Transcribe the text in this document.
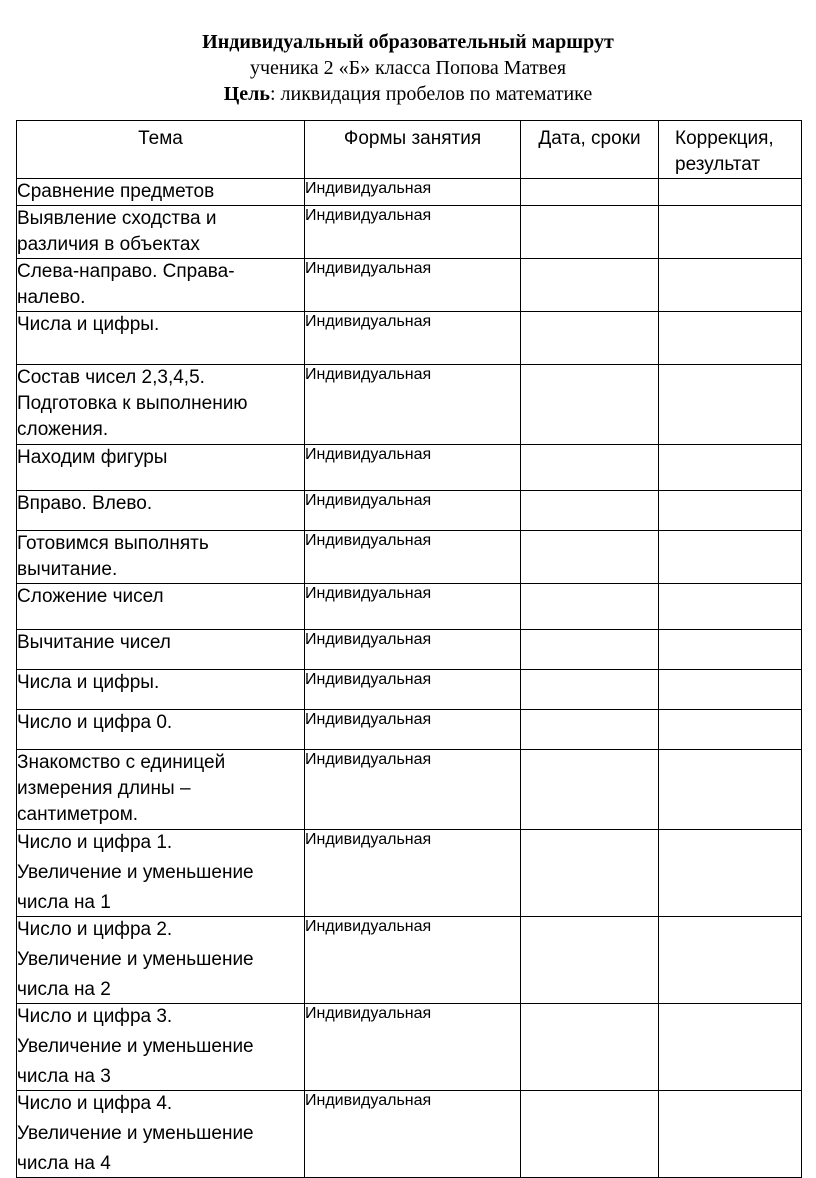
Индивидуальный образовательный маршрут
ученика 2 «Б» класса Попова Матвея
Цель: ликвидация пробелов по математике
Тема	Формы занятия	Дата, сроки	Коррекция, результат

Сравнение предметов	Индивидуальная		

Выявление сходства и
различия в объектах	Индивидуальная		

Слева-направо. Справа-
налево.	Индивидуальная		

Числа и цифры.	Индивидуальная		

Состав чисел 2,3,4,5.
Подготовка к выполнению
сложения.	Индивидуальная		

Находим фигуры	Индивидуальная		

Вправо. Влево.	Индивидуальная		

Готовимся выполнять
вычитание.	Индивидуальная		

Сложение чисел	Индивидуальная		

Вычитание чисел	Индивидуальная		

Числа и цифры.	Индивидуальная		

Число и цифра 0.	Индивидуальная		

Знакомство с единицей
измерения длины –
сантиметром.	Индивидуальная		

Число и цифра 1.
Увеличение и уменьшение
числа на 1	Индивидуальная		

Число и цифра 2.
Увеличение и уменьшение
числа на 2	Индивидуальная		

Число и цифра 3.
Увеличение и уменьшение
числа на 3	Индивидуальная		

Число и цифра 4.
Увеличение и уменьшение
числа на 4	Индивидуальная		
